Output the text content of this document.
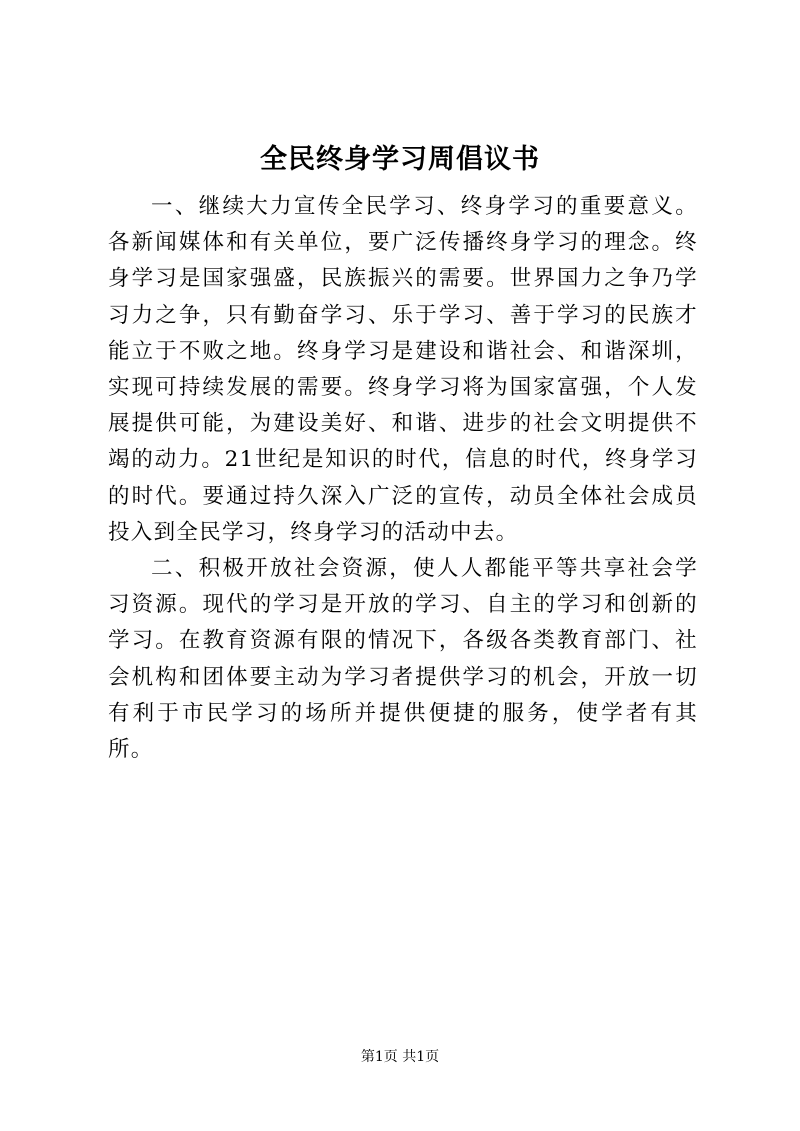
全民终身学习周倡议书

一、继续大力宣传全民学习、终身学习的重要意义。各新闻媒体和有关单位，要广泛传播终身学习的理念。终身学习是国家强盛，民族振兴的需要。世界国力之争乃学习力之争，只有勤奋学习、乐于学习、善于学习的民族才能立于不败之地。终身学习是建设和谐社会、和谐深圳，实现可持续发展的需要。终身学习将为国家富强，个人发展提供可能，为建设美好、和谐、进步的社会文明提供不竭的动力。21世纪是知识的时代，信息的时代，终身学习的时代。要通过持久深入广泛的宣传，动员全体社会成员投入到全民学习，终身学习的活动中去。

二、积极开放社会资源，使人人都能平等共享社会学习资源。现代的学习是开放的学习、自主的学习和创新的学习。在教育资源有限的情况下，各级各类教育部门、社会机构和团体要主动为学习者提供学习的机会，开放一切有利于市民学习的场所并提供便捷的服务，使学者有其所。

第1页 共1页
